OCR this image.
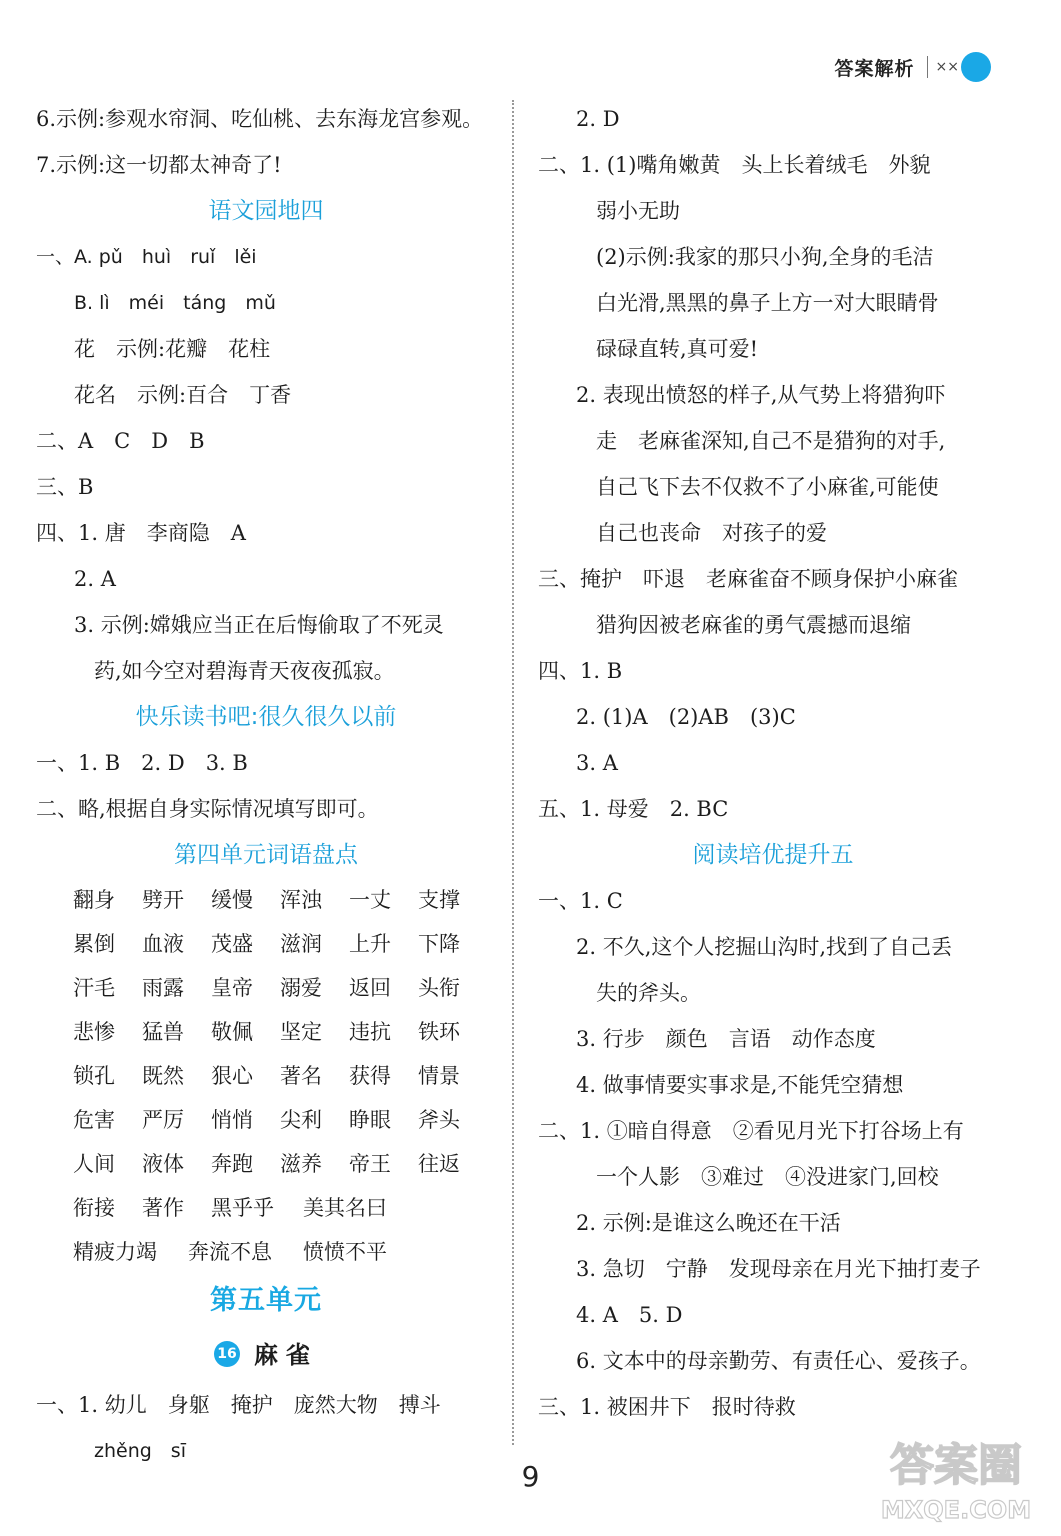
答案解析 ××
6.示例:参观水帘洞、吃仙桃、去东海龙宫参观。
7.示例:这一切都太神奇了!
语文园地四
一、A. pǔ　huì　ruǐ　lěi
B. lì　méi　táng　mǔ
花　示例:花瓣　花柱
花名　示例:百合　丁香
二、A　C　D　B
三、B
四、1. 唐　李商隐　A
2. A
3. 示例:嫦娥应当正在后悔偷取了不死灵
药,如今空对碧海青天夜夜孤寂。
快乐读书吧:很久很久以前
一、1. B　2. D　3. B
二、略,根据自身实际情况填写即可。
第四单元词语盘点
翻身	劈开	缓慢	浑浊	一丈	支撑
累倒	血液	茂盛	滋润	上升	下降
汗毛	雨露	皇帝	溺爱	返回	头衔
悲惨	猛兽	敬佩	坚定	违抗	铁环
锁孔	既然	狠心	著名	获得	情景
危害	严厉	悄悄	尖利	睁眼	斧头
人间	液体	奔跑	滋养	帝王	往返
衔接	著作	黑乎乎	美其名曰
精疲力竭	奔流不息	愤愤不平
第五单元
16 麻雀
一、1. 幼儿　身躯　掩护　庞然大物　搏斗
zhěng　sī
2. D
二、1. (1)嘴角嫩黄　头上长着绒毛　外貌
弱小无助
(2)示例:我家的那只小狗,全身的毛洁
白光滑,黑黑的鼻子上方一对大眼睛骨
碌碌直转,真可爱!
2. 表现出愤怒的样子,从气势上将猎狗吓
走　老麻雀深知,自己不是猎狗的对手,
自己飞下去不仅救不了小麻雀,可能使
自己也丧命　对孩子的爱
三、掩护　吓退　老麻雀奋不顾身保护小麻雀
猎狗因被老麻雀的勇气震撼而退缩
四、1. B
2. (1)A　(2)AB　(3)C
3. A
五、1. 母爱　2. BC
阅读培优提升五
一、1. C
2. 不久,这个人挖掘山沟时,找到了自己丢
失的斧头。
3. 行步　颜色　言语　动作态度
4. 做事情要实事求是,不能凭空猜想
二、1. ①暗自得意　②看见月光下打谷场上有
一个人影　③难过　④没进家门,回校
2. 示例:是谁这么晚还在干活
3. 急切　宁静　发现母亲在月光下抽打麦子
4. A　5. D
6. 文本中的母亲勤劳、有责任心、爱孩子。
三、1. 被困井下　报时待救
9	答案圈
MXQE.COM
